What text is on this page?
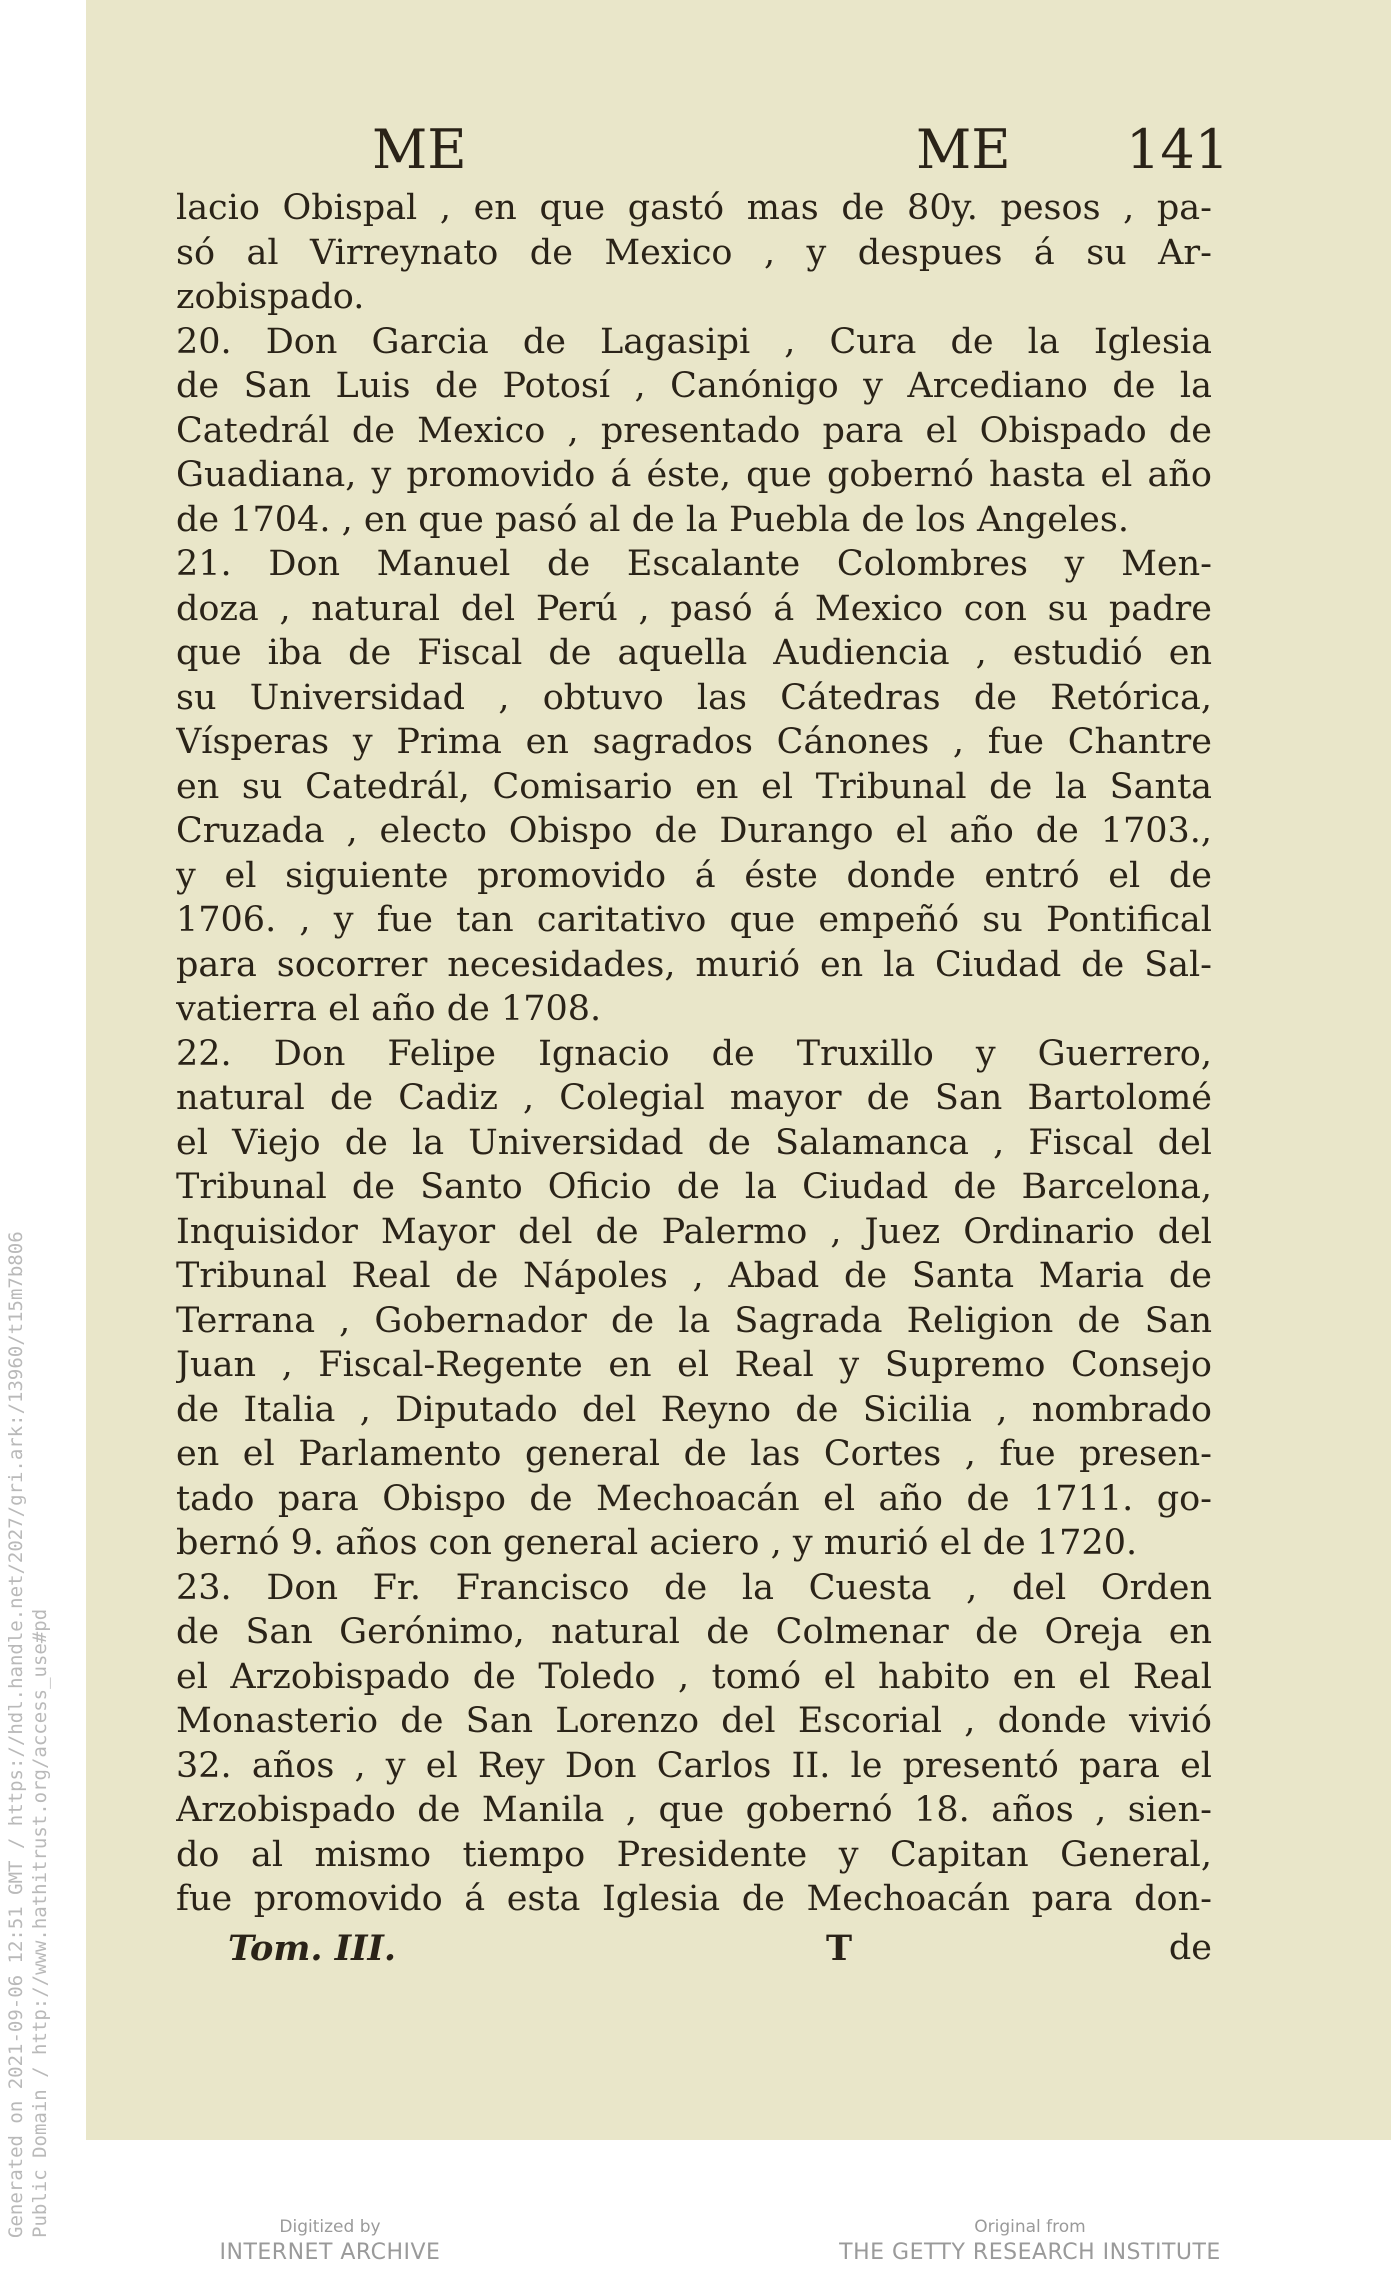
Generated on 2021-09-06 12:51 GMT / https://hdl.handle.net/2027/gri.ark:/13960/t15m7b806 Public Domain / http://www.hathitrust.org/access_use#pd
ME	ME 141
lacio Obispal , en que gastó mas de 80y. pesos , pa-
só al Virreynato de Mexico , y despues á su Ar-
zobispado.
20. Don Garcia de Lagasipi , Cura de la Iglesia
de San Luis de Potosí , Canónigo y Arcediano de la
Catedrál de Mexico , presentado para el Obispado de
Guadiana, y promovido á éste, que gobernó hasta el año
de 1704. , en que pasó al de la Puebla de los Angeles.
21. Don Manuel de Escalante Colombres y Men-
doza , natural del Perú , pasó á Mexico con su padre
que iba de Fiscal de aquella Audiencia , estudió en
su Universidad , obtuvo las Cátedras de Retórica,
Vísperas y Prima en sagrados Cánones , fue Chantre
en su Catedrál, Comisario en el Tribunal de la Santa
Cruzada , electo Obispo de Durango el año de 1703.,
y el siguiente promovido á éste donde entró el de
1706. , y fue tan caritativo que empeñó su Pontifical
para socorrer necesidades, murió en la Ciudad de Sal-
vatierra el año de 1708.
22. Don Felipe Ignacio de Truxillo y Guerrero,
natural de Cadiz , Colegial mayor de San Bartolomé
el Viejo de la Universidad de Salamanca , Fiscal del
Tribunal de Santo Oficio de la Ciudad de Barcelona,
Inquisidor Mayor del de Palermo , Juez Ordinario del
Tribunal Real de Nápoles , Abad de Santa Maria de
Terrana , Gobernador de la Sagrada Religion de San
Juan , Fiscal-Regente en el Real y Supremo Consejo
de Italia , Diputado del Reyno de Sicilia , nombrado
en el Parlamento general de las Cortes , fue presen-
tado para Obispo de Mechoacán el año de 1711. go-
bernó 9. años con general aciero , y murió el de 1720.
23. Don Fr. Francisco de la Cuesta , del Orden
de San Gerónimo, natural de Colmenar de Oreja en
el Arzobispado de Toledo , tomó el habito en el Real
Monasterio de San Lorenzo del Escorial , donde vivió
32. años , y el Rey Don Carlos II. le presentó para el
Arzobispado de Manila , que gobernó 18. años , sien-
do al mismo tiempo Presidente y Capitan General,
fue promovido á esta Iglesia de Mechoacán para don-
Tom. III.	T	de
Digitized by
INTERNET ARCHIVE
Original from
THE GETTY RESEARCH INSTITUTE
